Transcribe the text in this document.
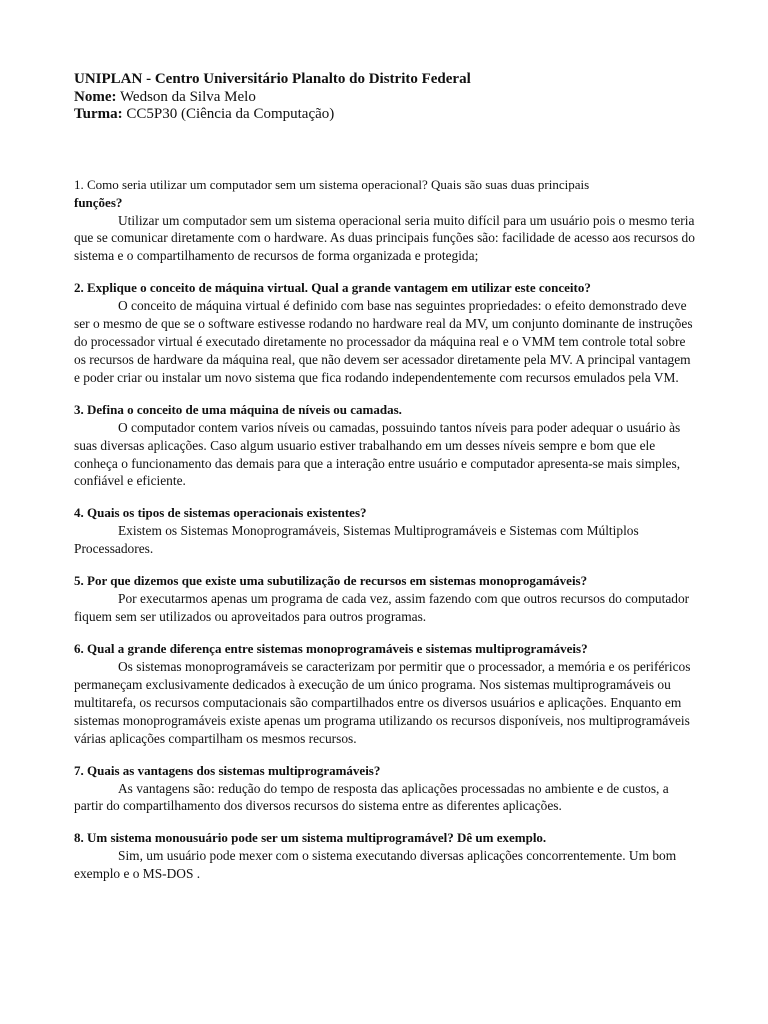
UNIPLAN - Centro Universitário Planalto do Distrito Federal
Nome: Wedson da Silva Melo
Turma: CC5P30 (Ciência da Computação)
1. Como seria utilizar um computador sem um sistema operacional? Quais são suas duas principais
funções?
Utilizar um computador sem um sistema operacional seria muito difícil para um usuário pois o mesmo teria que se comunicar diretamente com o hardware. As duas principais funções são: facilidade de acesso aos recursos do sistema e o compartilhamento de recursos de forma organizada e protegida;
2. Explique o conceito de máquina virtual. Qual a grande vantagem em utilizar este conceito?
O conceito de máquina virtual é definido com base nas seguintes propriedades: o efeito demonstrado deve ser o mesmo de que se o software estivesse rodando no hardware real da MV, um conjunto dominante de instruções do processador virtual é executado diretamente no processador da máquina real e o VMM tem controle total sobre os recursos de hardware da máquina real, que não devem ser acessador diretamente pela MV. A principal vantagem e poder criar ou instalar um novo sistema que fica rodando independentemente com recursos emulados pela VM.
3. Defina o conceito de uma máquina de níveis ou camadas.
O computador contem varios níveis ou camadas, possuindo tantos níveis para poder adequar o usuário às suas diversas aplicações. Caso algum usuario estiver trabalhando em um desses níveis sempre e bom que ele conheça o funcionamento das demais para que a interação entre usuário e computador apresenta-se mais simples, confiável e eficiente.
4. Quais os tipos de sistemas operacionais existentes?
Existem os Sistemas Monoprogramáveis, Sistemas Multiprogramáveis e Sistemas com Múltiplos
Processadores.
5. Por que dizemos que existe uma subutilização de recursos em sistemas monoprogamáveis?
Por executarmos apenas um programa de cada vez, assim fazendo com que outros recursos do computador fiquem sem ser utilizados ou aproveitados para outros programas.
6. Qual a grande diferença entre sistemas monoprogramáveis e sistemas multiprogramáveis?
Os sistemas monoprogramáveis se caracterizam por permitir que o processador, a memória e os periféricos permaneçam exclusivamente dedicados à execução de um único programa. Nos sistemas multiprogramáveis ou multitarefa, os recursos computacionais são compartilhados entre os diversos usuários e aplicações. Enquanto em sistemas monoprogramáveis existe apenas um programa utilizando os recursos disponíveis, nos multiprogramáveis várias aplicações compartilham os mesmos recursos.
7. Quais as vantagens dos sistemas multiprogramáveis?
As vantagens são: redução do tempo de resposta das aplicações processadas no ambiente e de custos, a partir do compartilhamento dos diversos recursos do sistema entre as diferentes aplicações.
8. Um sistema monousuário pode ser um sistema multiprogramável? Dê um exemplo.
Sim, um usuário pode mexer com o sistema executando diversas aplicações concorrentemente. Um bom exemplo e o MS-DOS .
